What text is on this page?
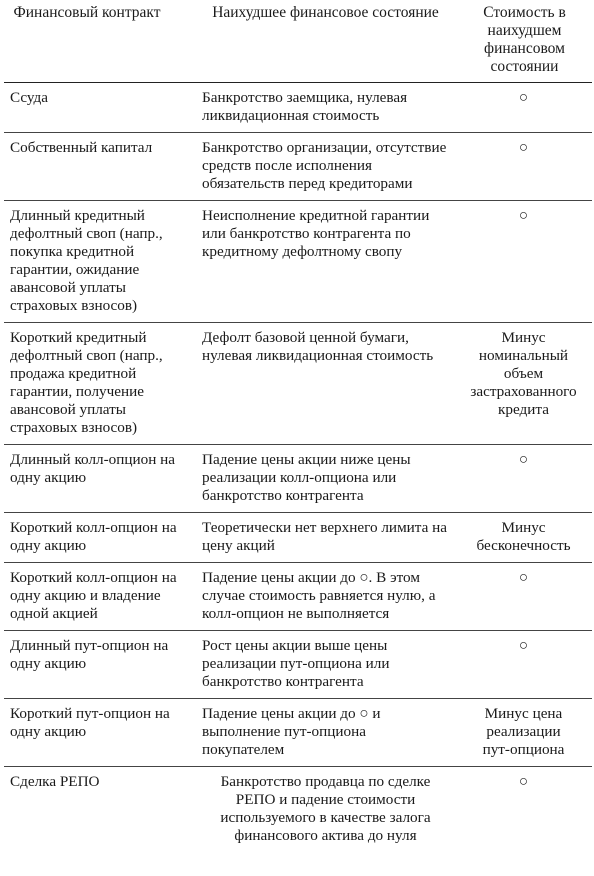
Финансовый контракт	Наихудшее финансовое состояние	Стоимость в наихудшем финансовом состоянии
Ссуда	Банкротство заемщика, нулевая ликвидационная стоимость	○
Собственный капитал	Банкротство организации, отсутствие средств после исполнения обязательств перед кредиторами	○
Длинный кредитный дефолтный своп (напр., покупка кредитной гарантии, ожидание авансовой уплаты страховых взносов)	Неисполнение кредитной гарантии или банкротство контрагента по кредитному дефолтному свопу	○
Короткий кредитный дефолтный своп (напр., продажа кредитной гарантии, получение авансовой уплаты страховых взносов)	Дефолт базовой ценной бумаги, нулевая ликвидационная стоимость	Минус номинальный объем застрахованного кредита
Длинный колл-опцион на одну акцию	Падение цены акции ниже цены реализации колл-опциона или банкротство контрагента	○
Короткий колл-опцион на одну акцию	Теоретически нет верхнего лимита на цену акций	Минус бесконечность
Короткий колл-опцион на одну акцию и владение одной акцией	Падение цены акции до ○. В этом случае стоимость равняется нулю, а колл-опцион не выполняется	○
Длинный пут-опцион на одну акцию	Рост цены акции выше цены реализации пут-опциона или банкротство контрагента	○
Короткий пут-опцион на одну акцию	Падение цены акции до ○ и выполнение пут-опциона покупателем	Минус цена реализации пут-опциона
Сделка РЕПО	Банкротство продавца по сделке РЕПО и падение стоимости используемого в качестве залога финансового актива до нуля	○
